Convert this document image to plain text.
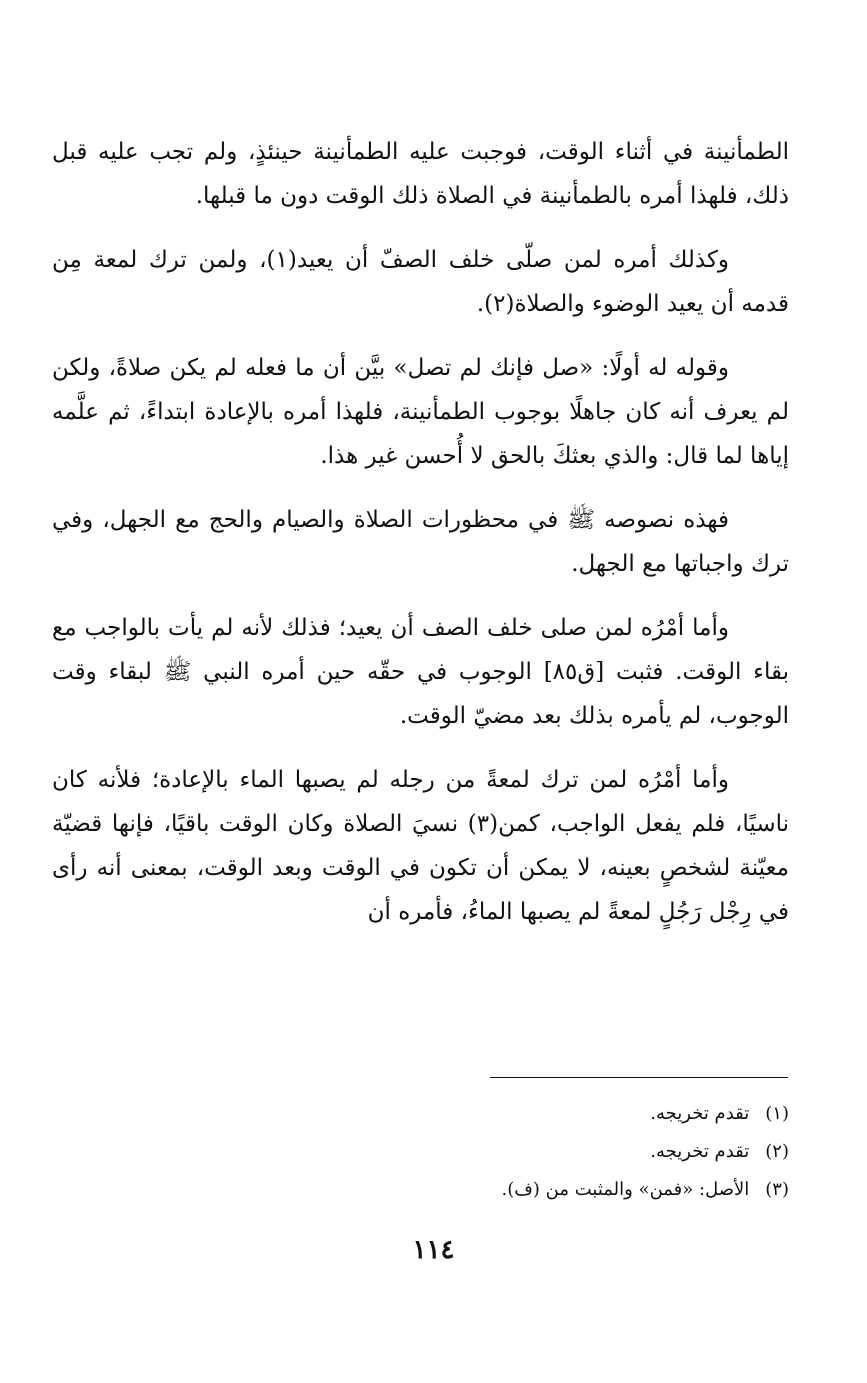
الطمأنينة في أثناء الوقت، فوجبت عليه الطمأنينة حينئذٍ، ولم تجب عليه قبل ذلك، فلهذا أمره بالطمأنينة في الصلاة ذلك الوقت دون ما قبلها.

وكذلك أمره لمن صلّى خلف الصفّ أن يعيد(١)، ولمن ترك لمعة مِن قدمه أن يعيد الوضوء والصلاة(٢).

وقوله له أولًا: «صل فإنك لم تصل» بيَّن أن ما فعله لم يكن صلاةً، ولكن لم يعرف أنه كان جاهلًا بوجوب الطمأنينة، فلهذا أمره بالإعادة ابتداءً، ثم علَّمه إياها لما قال: والذي بعثكَ بالحق لا أُحسن غير هذا.

فهذه نصوصه ﷺ في محظورات الصلاة والصيام والحج مع الجهل، وفي ترك واجباتها مع الجهل.

وأما أمْرُه لمن صلى خلف الصف أن يعيد؛ فذلك لأنه لم يأت بالواجب مع بقاء الوقت. فثبت [ق٨٥] الوجوب في حقّه حين أمره النبي ﷺ لبقاء وقت الوجوب، لم يأمره بذلك بعد مضيّ الوقت.

وأما أمْرُه لمن ترك لمعةً من رجله لم يصبها الماء بالإعادة؛ فلأنه كان ناسيًا، فلم يفعل الواجب، كمن(٣) نسيَ الصلاة وكان الوقت باقيًا، فإنها قضيّة معيّنة لشخصٍ بعينه، لا يمكن أن تكون في الوقت وبعد الوقت، بمعنى أنه رأى في رِجْل رَجُلٍ لمعةً لم يصبها الماءُ، فأمره أن

(١) تقدم تخريجه.
(٢) تقدم تخريجه.
(٣) الأصل: «فمن» والمثبت من (ف).
١١٤
